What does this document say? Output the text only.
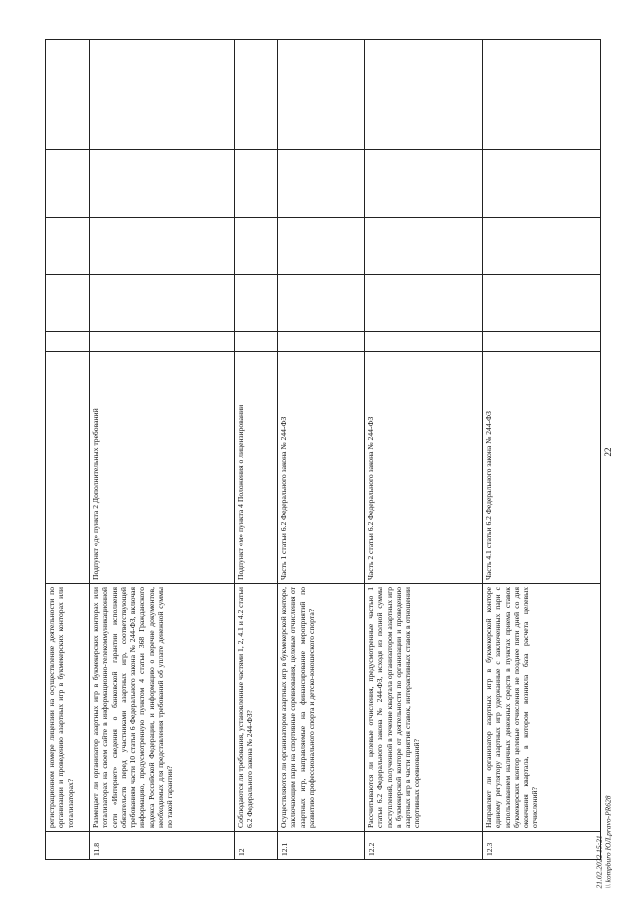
22
21.02.2022 15:21 \\ kompburo ЮЛ.pravo-PR628
	регистрационном номере лицензии на осуществление деятельности по организации и проведению азартных игр в букмекерских конторах или тотализаторах?						
11.8	Размещает ли организатор азартных игр в букмекерских конторах или тотализаторах на своем сайте в информационно-телекоммуникационной сети «Интернет» сведения о банковской гарантии исполнения обязательств перед участниками азартных игр, соответствующей требованиям части 10 статьи 6 Федерального закона № 244-ФЗ, включая информацию, предусмотренную пунктом 4 статьи 368 Гражданского кодекса Российской Федерации, и информацию о перечне документов, необходимых для представления требований об уплате денежной суммы по такой гарантии?	Подпункт «д» пункта 2 Дополнительных требований					
12	Соблюдаются ли требования, установленные частями 1, 2, 4.1 и 4.2 статьи 6.2 Федерального закона № 244-ФЗ?	Подпункт «м» пункта 4 Положения о лицензировании					
12.1	Осуществляются ли организатором азартных игр в букмекерской конторе, заключающим пари на спортивные соревнования, целевые отчисления от азартных игр, направляемые на финансирование мероприятий по развитию профессионального спорта и детско-юношеского спорта?	Часть 1 статьи 6.2 Федерального закона № 244-ФЗ					
12.2	Рассчитываются ли целевые отчисления, предусмотренные частью 1 статьи 6.2 Федерального закона № 244-ФЗ, исходя из полной суммы поступлений, полученной в течение квартала организатором азартных игр в букмекерской конторе от деятельности по организации и проведению азартных игр в части приятия ставок, интерактивных ставок в отношении спортивных соревнований?	Часть 2 статьи 6.2 Федерального закона № 244-ФЗ					
12.3	Направляет ли организатор азартных игр в букмекерской конторе единому регулятору азартных игр удержанные с заключенных пари с использованием наличных денежных средств в пунктах приема ставок букмекерских контор целевые отчисления не позднее пяти дней со дня окончания квартала, в котором возникла база расчета целевых отчислений?	Часть 4.1 статьи 6.2 Федерального закона № 244-ФЗ					
